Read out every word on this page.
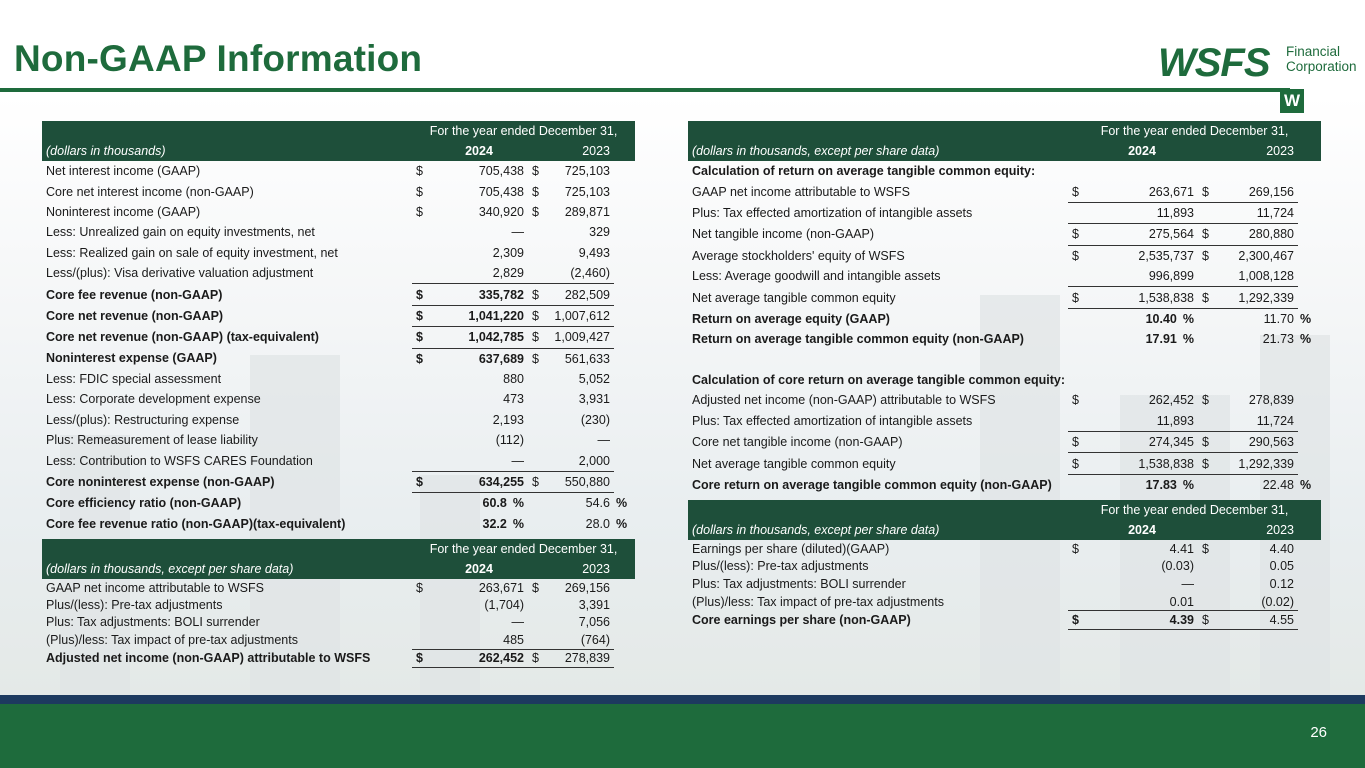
Non-GAAP Information	WSFS Financial
Corporation
W
	For the year ended December 31,				
(dollars in thousands)		2024		2023	
Net interest income (GAAP)	$	705,438	$	725,103	
Core net interest income (non-GAAP)	$	705,438	$	725,103	
Noninterest income (GAAP)	$	340,920	$	289,871	
Less: Unrealized gain on equity investments, net		—		329	
Less: Realized gain on sale of equity investment, net		2,309		9,493	
Less/(plus): Visa derivative valuation adjustment		2,829		(2,460)	
Core fee revenue (non-GAAP)	$	335,782	$	282,509	
Core net revenue (non-GAAP)	$	1,041,220	$	1,007,612	
Core net revenue (non-GAAP) (tax-equivalent)	$	1,042,785	$	1,009,427	
Noninterest expense (GAAP)	$	637,689	$	561,633	
Less: FDIC special assessment		880		5,052	
Less: Corporate development expense		473		3,931	
Less/(plus): Restructuring expense		2,193		(230)	
Plus: Remeasurement of lease liability		(112)		—	
Less: Contribution to WSFS CARES Foundation		—		2,000	
Core noninterest expense (non-GAAP)	$	634,255	$	550,880	
Core efficiency ratio (non-GAAP)		60.8 %		54.6	%
Core fee revenue ratio (non-GAAP)(tax-equivalent)		32.2 %		28.0	%
	For the year ended December 31,				
(dollars in thousands, except per share data)		2024		2023	
GAAP net income attributable to WSFS	$	263,671	$	269,156	
Plus/(less): Pre-tax adjustments		(1,704)		3,391	
Plus: Tax adjustments: BOLI surrender		—		7,056	
(Plus)/less: Tax impact of pre-tax adjustments		485		(764)	
Adjusted net income (non-GAAP) attributable to WSFS	$	262,452	$	278,839	
	For the year ended December 31,				
(dollars in thousands, except per share data)		2024		2023	
Calculation of return on average tangible common equity:					
GAAP net income attributable to WSFS	$	263,671	$	269,156	
Plus: Tax effected amortization of intangible assets		11,893		11,724	
Net tangible income (non-GAAP)	$	275,564	$	280,880	
Average stockholders' equity of WSFS	$	2,535,737	$	2,300,467	
Less: Average goodwill and intangible assets		996,899		1,008,128	
Net average tangible common equity	$	1,538,838	$	1,292,339	
Return on average equity (GAAP)		10.40 %		11.70	%
Return on average tangible common equity (non-GAAP)		17.91 %		21.73	%

Calculation of core return on average tangible common equity:					
Adjusted net income (non-GAAP) attributable to WSFS	$	262,452	$	278,839	
Plus: Tax effected amortization of intangible assets		11,893		11,724	
Core net tangible income (non-GAAP)	$	274,345	$	290,563	
Net average tangible common equity	$	1,538,838	$	1,292,339	
Core return on average tangible common equity (non-GAAP)		17.83 %		22.48	%
	For the year ended December 31,				
(dollars in thousands, except per share data)		2024		2023	
Earnings per share (diluted)(GAAP)	$	4.41	$	4.40	
Plus/(less): Pre-tax adjustments		(0.03)		0.05	
Plus: Tax adjustments: BOLI surrender		—		0.12	
(Plus)/less: Tax impact of pre-tax adjustments		0.01		(0.02)	
Core earnings per share (non-GAAP)	$	4.39	$	4.55	
26
